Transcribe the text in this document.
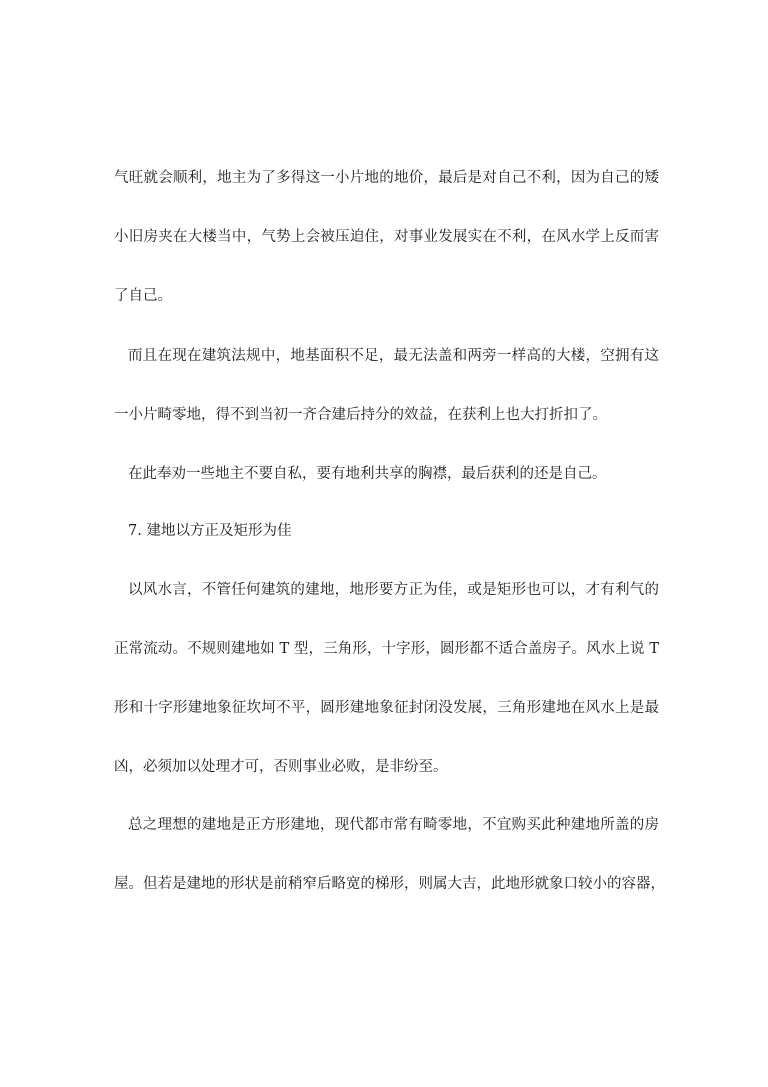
气旺就会顺利，地主为了多得这一小片地的地价，最后是对自己不利，因为自己的矮
小旧房夹在大楼当中，气势上会被压迫住，对事业发展实在不利，在风水学上反而害
了自己。
而且在现在建筑法规中，地基面积不足，最无法盖和两旁一样高的大楼，空拥有这
一小片畸零地，得不到当初一齐合建后持分的效益，在获利上也大打折扣了。
在此奉劝一些地主不要自私，要有地利共享的胸襟，最后获利的还是自己。
7. 建地以方正及矩形为佳
以风水言，不管任何建筑的建地，地形要方正为佳，或是矩形也可以，才有利气的
正常流动。不规则建地如 T 型，三角形，十字形，圆形都不适合盖房子。风水上说 T
形和十字形建地象征坎坷不平，圆形建地象征封闭没发展，三角形建地在风水上是最
凶，必须加以处理才可，否则事业必败，是非纷至。
总之理想的建地是正方形建地，现代都市常有畸零地，不宜购买此种建地所盖的房
屋。但若是建地的形状是前稍窄后略宽的梯形，则属大吉，此地形就象口较小的容器，
